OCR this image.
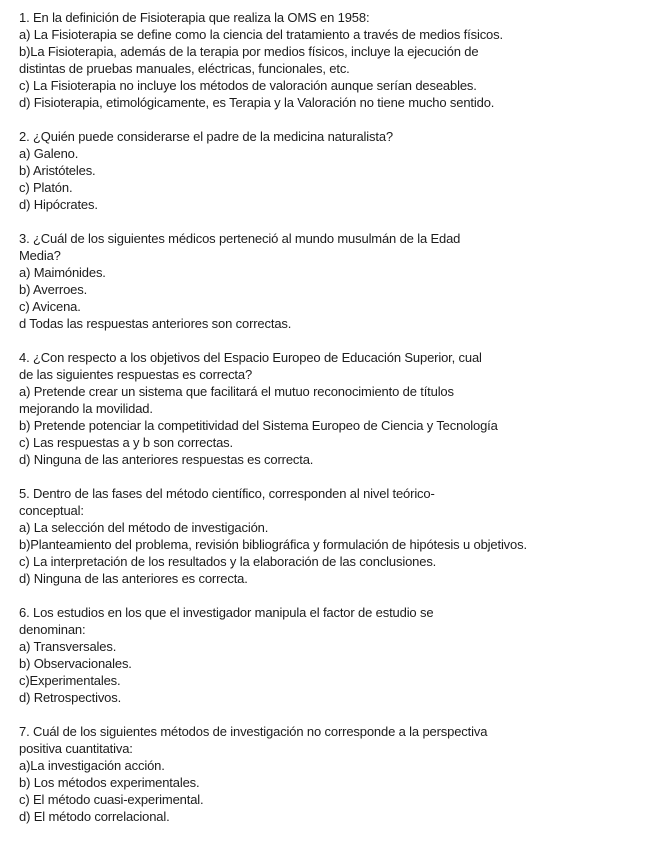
1. En la definición de Fisioterapia que realiza la OMS en 1958:
a) La Fisioterapia se define como la ciencia del tratamiento a través de medios físicos.
b)La Fisioterapia, además de la terapia por medios físicos, incluye la ejecución de
distintas de pruebas manuales, eléctricas, funcionales, etc.
c) La Fisioterapia no incluye los métodos de valoración aunque serían deseables.
d) Fisioterapia, etimológicamente, es Terapia y la Valoración no tiene mucho sentido.
2. ¿Quién puede considerarse el padre de la medicina naturalista?
a) Galeno.
b) Aristóteles.
c) Platón.
d) Hipócrates.
3. ¿Cuál de los siguientes médicos perteneció al mundo musulmán de la Edad
Media?
a) Maimónides.
b) Averroes.
c) Avicena.
d Todas las respuestas anteriores son correctas.
4. ¿Con respecto a los objetivos del Espacio Europeo de Educación Superior, cual
de las siguientes respuestas es correcta?
a) Pretende crear un sistema que facilitará el mutuo reconocimiento de títulos
mejorando la movilidad.
b) Pretende potenciar la competitividad del Sistema Europeo de Ciencia y Tecnología
c) Las respuestas a y b son correctas.
d) Ninguna de las anteriores respuestas es correcta.
5. Dentro de las fases del método científico, corresponden al nivel teórico-
conceptual:
a) La selección del método de investigación.
b)Planteamiento del problema, revisión bibliográfica y formulación de hipótesis u objetivos.
c) La interpretación de los resultados y la elaboración de las conclusiones.
d) Ninguna de las anteriores es correcta.
6. Los estudios en los que el investigador manipula el factor de estudio se
denominan:
a) Transversales.
b) Observacionales.
c)Experimentales.
d) Retrospectivos.
7. Cuál de los siguientes métodos de investigación no corresponde a la perspectiva
positiva cuantitativa:
a)La investigación acción.
b) Los métodos experimentales.
c) El método cuasi-experimental.
d) El método correlacional.
